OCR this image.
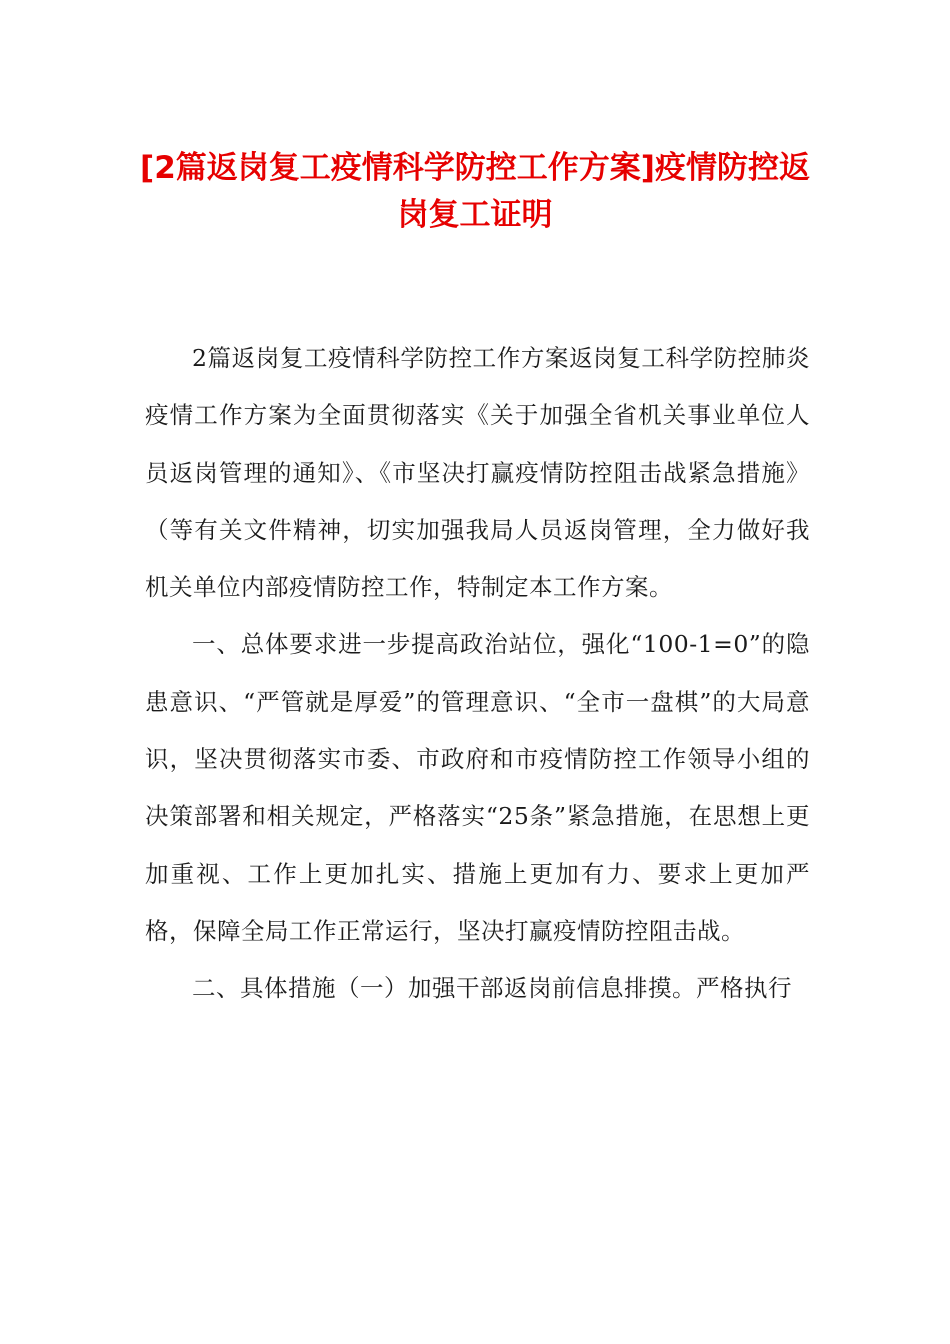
[2篇返岗复工疫情科学防控工作方案]疫情防控返岗复工证明

2篇返岗复工疫情科学防控工作方案返岗复工科学防控肺炎疫情工作方案为全面贯彻落实《关于加强全省机关事业单位人员返岗管理的通知》、《市坚决打赢疫情防控阻击战紧急措施》（等有关文件精神，切实加强我局人员返岗管理，全力做好我机关单位内部疫情防控工作，特制定本工作方案。

一、总体要求进一步提高政治站位，强化“100-1=0”的隐患意识、“严管就是厚爱”的管理意识、“全市一盘棋”的大局意识，坚决贯彻落实市委、市政府和市疫情防控工作领导小组的决策部署和相关规定，严格落实“25条”紧急措施，在思想上更加重视、工作上更加扎实、措施上更加有力、要求上更加严格，保障全局工作正常运行，坚决打赢疫情防控阻击战。

二、具体措施（一）加强干部返岗前信息排摸。严格执行
